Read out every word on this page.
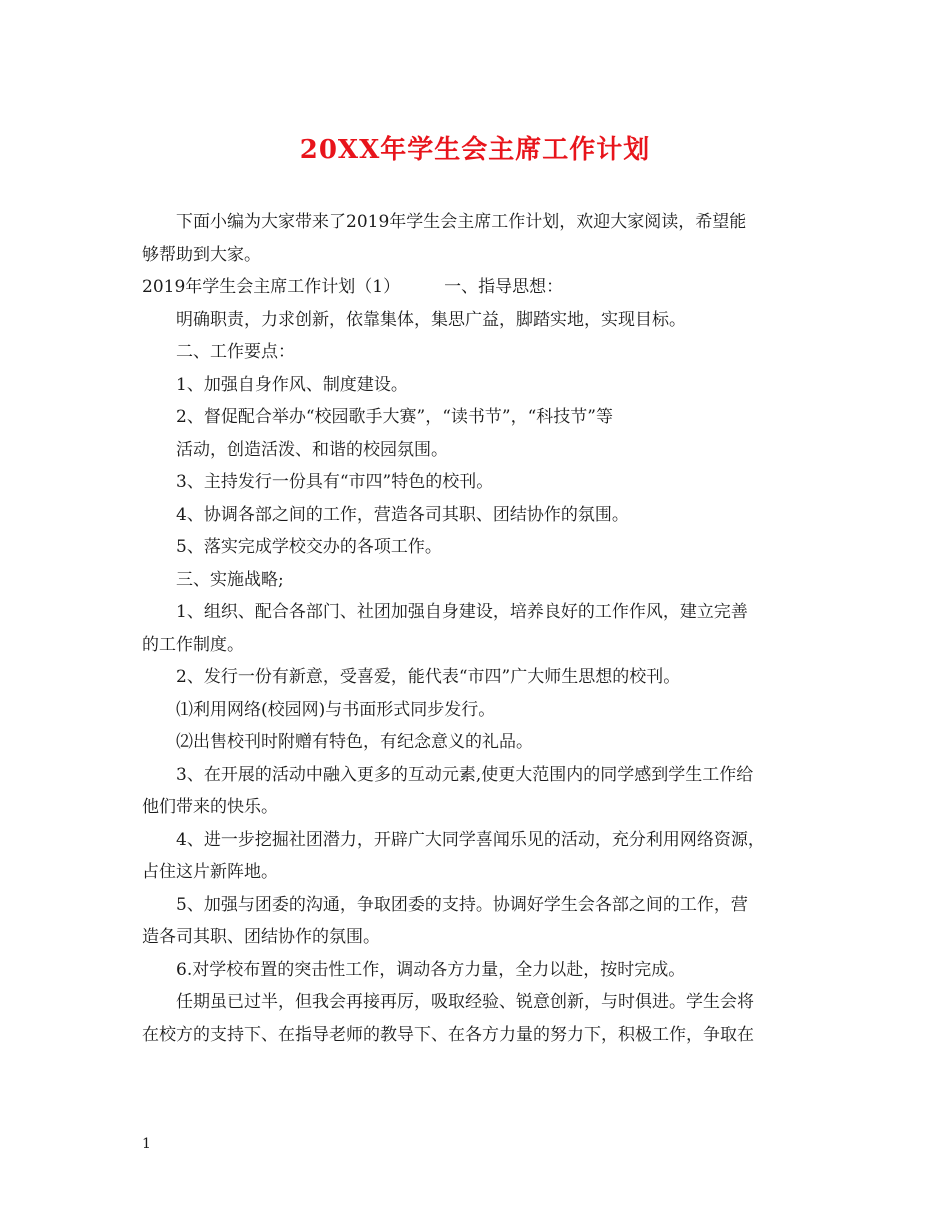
20XX年学生会主席工作计划

下面小编为大家带来了2019年学生会主席工作计划，欢迎大家阅读，希望能

够帮助到大家。

2019年学生会主席工作计划（1）	一、指导思想：

明确职责，力求创新，依靠集体，集思广益，脚踏实地，实现目标。

二、工作要点：

1、加强自身作风、制度建设。

2、督促配合举办“校园歌手大赛”，“读书节”，“科技节”等

活动，创造活泼、和谐的校园氛围。

3、主持发行一份具有“市四”特色的校刊。

4、协调各部之间的工作，营造各司其职、团结协作的氛围。

5、落实完成学校交办的各项工作。

三、实施战略;

1、组织、配合各部门、社团加强自身建设，培养良好的工作作风，建立完善

的工作制度。

2、发行一份有新意，受喜爱，能代表“市四”广大师生思想的校刊。

⑴利用网络(校园网)与书面形式同步发行。

⑵出售校刊时附赠有特色，有纪念意义的礼品。

3、在开展的活动中融入更多的互动元素,使更大范围内的同学感到学生工作给

他们带来的快乐。

4、进一步挖掘社团潜力，开辟广大同学喜闻乐见的活动，充分利用网络资源，

占住这片新阵地。

5、加强与团委的沟通，争取团委的支持。协调好学生会各部之间的工作，营

造各司其职、团结协作的氛围。

6.对学校布置的突击性工作，调动各方力量，全力以赴，按时完成。

任期虽已过半，但我会再接再厉，吸取经验、锐意创新，与时俱进。学生会将

在校方的支持下、在指导老师的教导下、在各方力量的努力下，积极工作，争取在

1
